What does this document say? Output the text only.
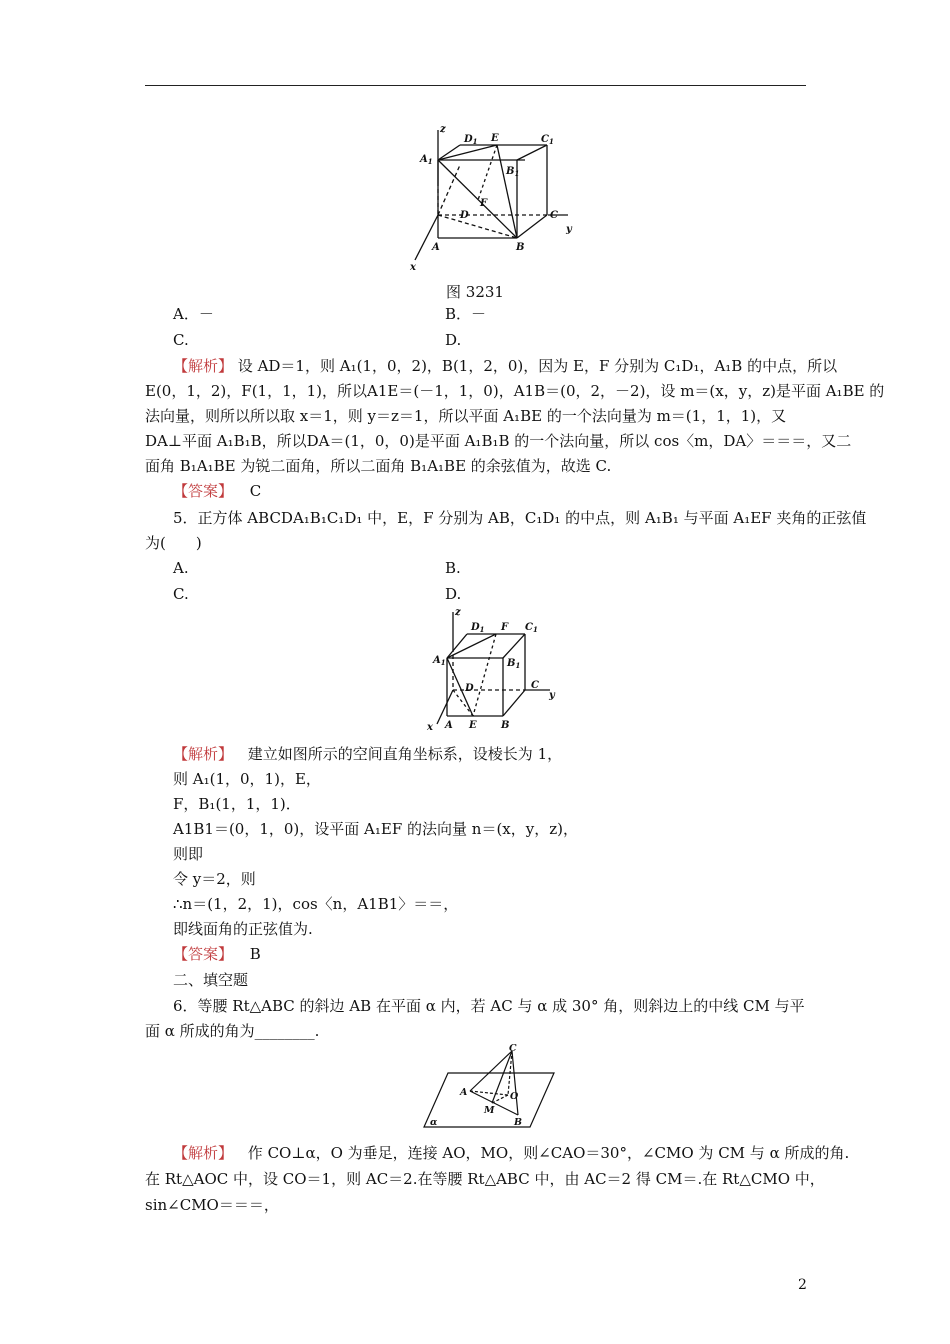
z
$D_1$ E	$C_1$
$A_1$
$B_1$
F
D	C
y
A	B
x
图 3231
A．－	B．－
C.	D.
【解析】 设 AD＝1，则 A₁(1，0，2)，B(1，2，0)，因为 E，F 分别为 C₁D₁，A₁B 的中点，所以
E(0，1，2)，F(1，1，1)，所以A1E＝(－1，1，0)，A1B＝(0，2，－2)，设 m＝(x，y，z)是平面 A₁BE 的
法向量，则所以所以取 x＝1，则 y＝z＝1，所以平面 A₁BE 的一个法向量为 m＝(1，1，1)，又
DA⊥平面 A₁B₁B，所以DA＝(1，0，0)是平面 A₁B₁B 的一个法向量，所以 cos〈m，DA〉＝＝＝，又二
面角 B₁A₁BE 为锐二面角，所以二面角 B₁A₁BE 的余弦值为，故选 C.
【答案】 C
5．正方体 ABCDA₁B₁C₁D₁ 中，E，F 分别为 AB，C₁D₁ 的中点，则 A₁B₁ 与平面 A₁EF 夹角的正弦值
为(　　)
A.	B.
C.	D.
z
$D_1$ F $C_1$
$A_1$	$B_1$
D	C
y
x A E B
【解析】 建立如图所示的空间直角坐标系，设棱长为 1，
则 A₁(1，0，1)，E，
F，B₁(1，1，1)．
A1B1＝(0，1，0)，设平面 A₁EF 的法向量 n＝(x，y，z)，
则即
令 y＝2，则
∴n＝(1，2，1)，cos〈n，A1B1〉＝＝，
即线面角的正弦值为.
【答案】 B
二、填空题
6．等腰 Rt△ABC 的斜边 AB 在平面 α 内，若 AC 与 α 成 30° 角，则斜边上的中线 CM 与平
面 α 所成的角为________.
C
A	O
M
B
α
【解析】 作 CO⊥α，O 为垂足，连接 AO，MO，则∠CAO＝30°，∠CMO 为 CM 与 α 所成的角.
在 Rt△AOC 中，设 CO＝1，则 AC＝2.在等腰 Rt△ABC 中，由 AC＝2 得 CM＝.在 Rt△CMO 中，
sin∠CMO＝＝＝，
2
